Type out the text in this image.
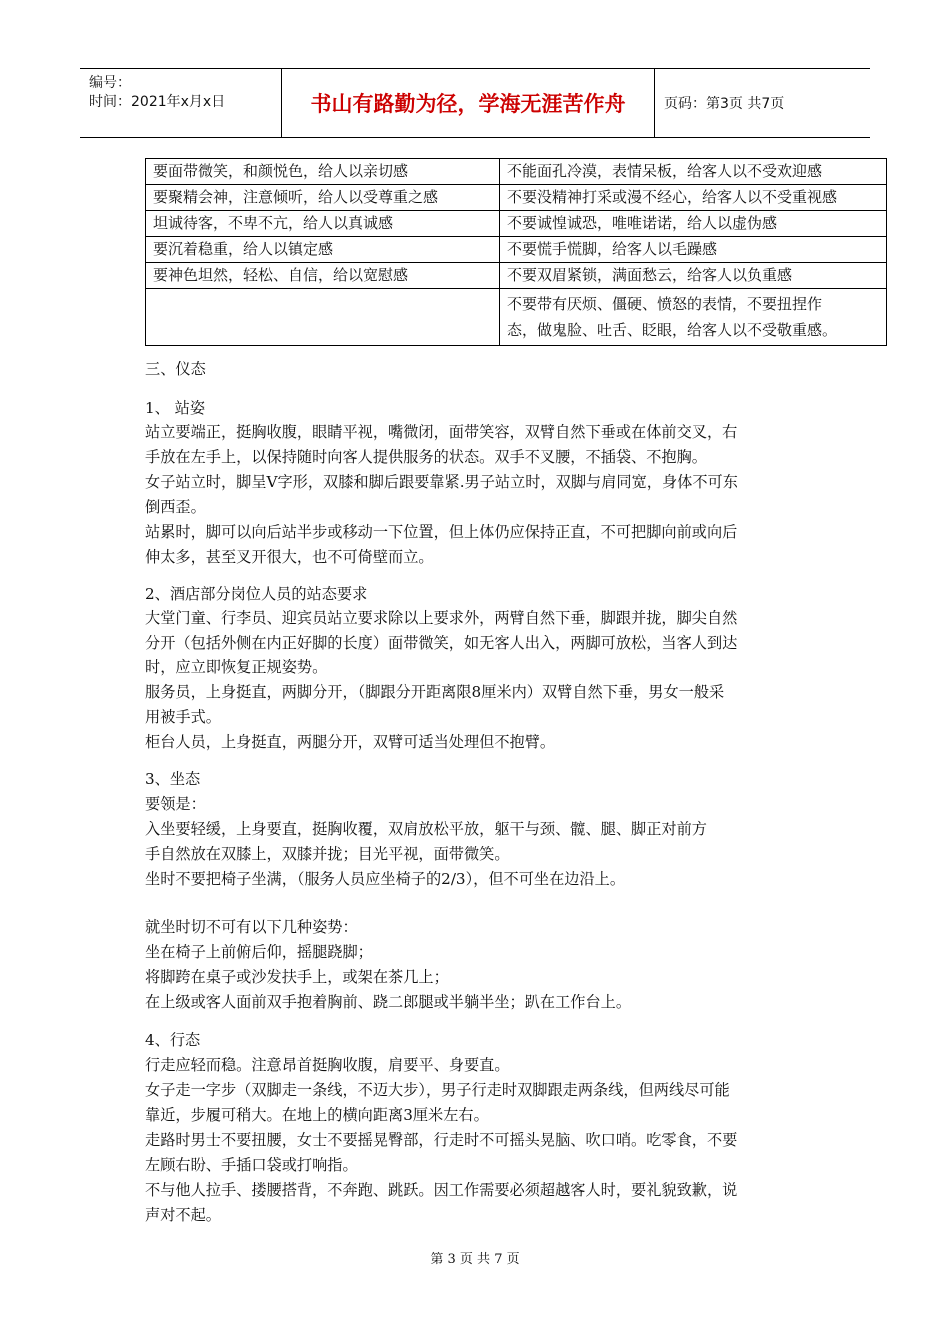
编号：
时间：2021年x月x日	书山有路勤为径，学海无涯苦作舟	页码：第3页 共7页
要面带微笑，和颜悦色，给人以亲切感	不能面孔冷漠，表情呆板，给客人以不受欢迎感
要聚精会神，注意倾听，给人以受尊重之感	不要没精神打采或漫不经心，给客人以不受重视感
坦诚待客，不卑不亢，给人以真诚感	不要诚惶诚恐，唯唯诺诺，给人以虚伪感
要沉着稳重，给人以镇定感	不要慌手慌脚，给客人以毛躁感
要神色坦然，轻松、自信，给以宽慰感	不要双眉紧锁，满面愁云，给客人以负重感

	不要带有厌烦、僵硬、愤怒的表情，不要扭捏作
态，做鬼脸、吐舌、眨眼，给客人以不受敬重感。
三、仪态
1、 站姿
站立要端正，挺胸收腹，眼睛平视，嘴微闭，面带笑容，双臂自然下垂或在体前交叉，右
手放在左手上，以保持随时向客人提供服务的状态。双手不叉腰，不插袋、不抱胸。
女子站立时，脚呈V字形，双膝和脚后跟要靠紧.男子站立时，双脚与肩同宽，身体不可东
倒西歪。
站累时，脚可以向后站半步或移动一下位置，但上体仍应保持正直，不可把脚向前或向后
伸太多，甚至叉开很大，也不可倚壁而立。
2、酒店部分岗位人员的站态要求
大堂门童、行李员、迎宾员站立要求除以上要求外，两臂自然下垂，脚跟并拢，脚尖自然
分开（包括外侧在内正好脚的长度）面带微笑，如无客人出入，两脚可放松，当客人到达
时，应立即恢复正规姿势。
服务员，上身挺直，两脚分开，（脚跟分开距离限8厘米内）双臂自然下垂，男女一般采
用被手式。
柜台人员，上身挺直，两腿分开，双臂可适当处理但不抱臂。
3、坐态
要领是：
入坐要轻缓，上身要直，挺胸收覆，双肩放松平放，躯干与颈、髋、腿、脚正对前方
手自然放在双膝上，双膝并拢；目光平视，面带微笑。
坐时不要把椅子坐满，（服务人员应坐椅子的2/3），但不可坐在边沿上。
就坐时切不可有以下几种姿势：
坐在椅子上前俯后仰，摇腿跷脚；
将脚跨在桌子或沙发扶手上，或架在茶几上；
在上级或客人面前双手抱着胸前、跷二郎腿或半躺半坐；趴在工作台上。
4、行态
行走应轻而稳。注意昂首挺胸收腹，肩要平、身要直。
女子走一字步（双脚走一条线，不迈大步），男子行走时双脚跟走两条线，但两线尽可能
靠近，步履可稍大。在地上的横向距离3厘米左右。
走路时男士不要扭腰，女士不要摇晃臀部，行走时不可摇头晃脑、吹口哨。吃零食，不要
左顾右盼、手插口袋或打响指。
不与他人拉手、搂腰搭背，不奔跑、跳跃。因工作需要必须超越客人时，要礼貌致歉，说
声对不起。
第 3 页 共 7 页
